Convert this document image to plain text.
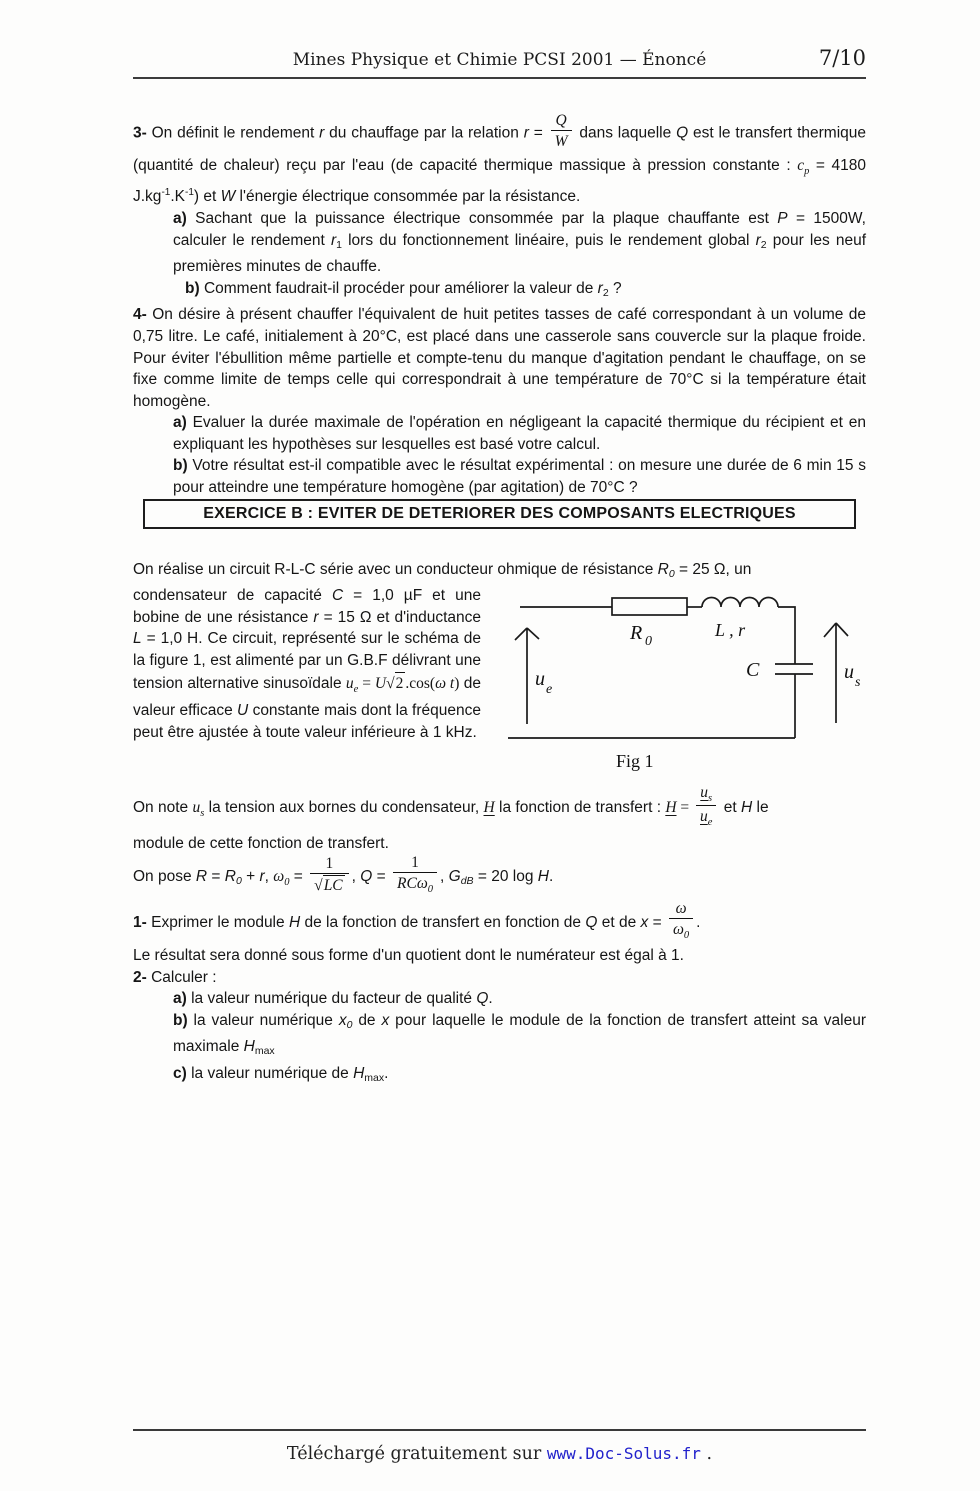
Mines Physique et Chimie PCSI 2001 — Énoncé	7/10

3- On définit le rendement r du chauffage par la relation $r = \frac{Q}{W}$ dans laquelle Q est le transfert thermique (quantité de chaleur) reçu par l'eau (de capacité thermique massique à pression constante : $c_p = 4180$ $J.kg^{-1}.K^{-1}$) et W l'énergie électrique consommée par la résistance.

a) Sachant que la puissance électrique consommée par la plaque chauffante est P = 1500W, calculer le rendement r1 lors du fonctionnement linéaire, puis le rendement global r2 pour les neuf premières minutes de chauffe.

b) Comment faudrait-il procéder pour améliorer la valeur de r2 ?

4- On désire à présent chauffer l'équivalent de huit petites tasses de café correspondant à un volume de 0,75 litre. Le café, initialement à 20°C, est placé dans une casserole sans couvercle sur la plaque froide. Pour éviter l'ébullition même partielle et compte-tenu du manque d'agitation pendant le chauffage, on se fixe comme limite de temps celle qui correspondrait à une température de 70°C si la température était homogène.

a) Evaluer la durée maximale de l'opération en négligeant la capacité thermique du récipient et en expliquant les hypothèses sur lesquelles est basé votre calcul.

b) Votre résultat est-il compatible avec le résultat expérimental : on mesure une durée de 6 min 15 s pour atteindre une température homogène (par agitation) de 70°C ?

EXERCICE B : EVITER DE DETERIORER DES COMPOSANTS ELECTRIQUES

On réalise un circuit R-L-C série avec un conducteur ohmique de résistance R0 = 25 Ω, un

condensateur de capacité C = 1,0 µF et une bobine de une résistance r = 15 Ω et d'inductance L = 1,0 H. Ce circuit, représenté sur le schéma de la figure 1, est alimenté par un G.B.F délivrant une tension alternative sinusoïdale $u_e = U√2$ .cos(ω t) de valeur efficace U constante mais dont la fréquence peut être ajustée à toute valeur inférieure à 1 kHz.

u e
u s
R 0
L , r
C
Fig 1

On note $u_s$ la tension aux bornes du condensateur, H la fonction de transfert : $H = \frac{u_s}{u_e}$ et H le

module de cette fonction de transfert.

On pose R = R0 + r, $\omega_0 = \frac{1}{√LC}$ , $Q = \frac{1}{RC\omega_0}$ , GdB = 20 log H.

1- Exprimer le module H de la fonction de transfert en fonction de Q et de $x = \frac{\omega}{\omega_0}$ .

Le résultat sera donné sous forme d'un quotient dont le numérateur est égal à 1.

2- Calculer :

a) la valeur numérique du facteur de qualité Q.

b) la valeur numérique x0 de x pour laquelle le module de la fonction de transfert atteint sa valeur maximale Hmax

c) la valeur numérique de Hmax.

Téléchargé gratuitement sur www.Doc-Solus.fr .
